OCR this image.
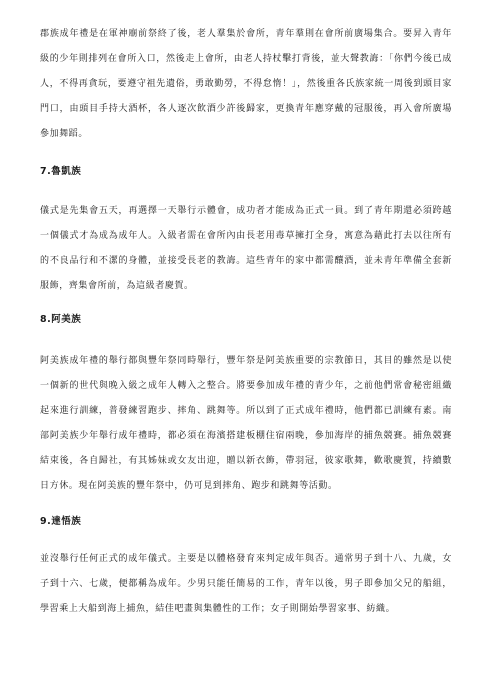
郡族成年禮是在軍神廟前祭終了後，老人羣集於會所，青年羣則在會所前廣場集合。要昇入青年級的少年則排列在會所入口，然後走上會所，由老人持杖擊打背後，並大聲教誨：「你們今後已成人，不得再貪玩，要遵守祖先遺俗，勇敢勤勞，不得怠惰！」，然後重各氏族家統一周後到頭目家門口，由頭目手持大酒杯，各人逐次飲酒少許後歸家，更換青年應穿戴的冠服後，再入會所廣場參加舞蹈。

7.魯凱族

儀式是先集會五天，再選擇一天舉行示體會，成功者才能成為正式一員。到了青年期還必須跨越一個儀式才為成為成年人。入級者需在會所內由長老用毒草擁打全身，寓意為藉此打去以往所有的不良品行和不潔的身體，並接受長老的教誨。這些青年的家中都需釀酒，並未青年準備全套新服飾，齊集會所前，為這級者慶賀。

8.阿美族

阿美族成年禮的舉行都與豐年祭同時舉行，豐年祭是阿美族重要的宗教節日，其目的雖然是以使一個新的世代與晚入級之成年人轉入之整合。將要參加成年禮的青少年，之前他們常會秘密組織起來進行訓練，普發練習跑步、摔角、跳舞等。所以到了正式成年禮時，他們都已訓練有素。南部阿美族少年舉行成年禮時，都必須在海濱搭建板棚住宿兩晚，參加海岸的捕魚競賽。捕魚競賽結束後，各自歸社，有其姊妹或女友出迎，贈以新衣飾，帶羽冠，彼家歌舞，歡歌慶賀，持續數日方休。現在阿美族的豐年祭中，仍可見到摔角、跑步和跳舞等活動。

9.達悟族

並沒舉行任何正式的成年儀式。主要是以體格發育來判定成年與否。通常男子到十八、九歲，女子到十六、七歲，便都稱為成年。少男只能任簡易的工作，青年以後，男子即參加父兄的船組，學習乘上大船到海上捕魚，結佳吧畫與集體性的工作；女子則開始學習家事、紡織。
